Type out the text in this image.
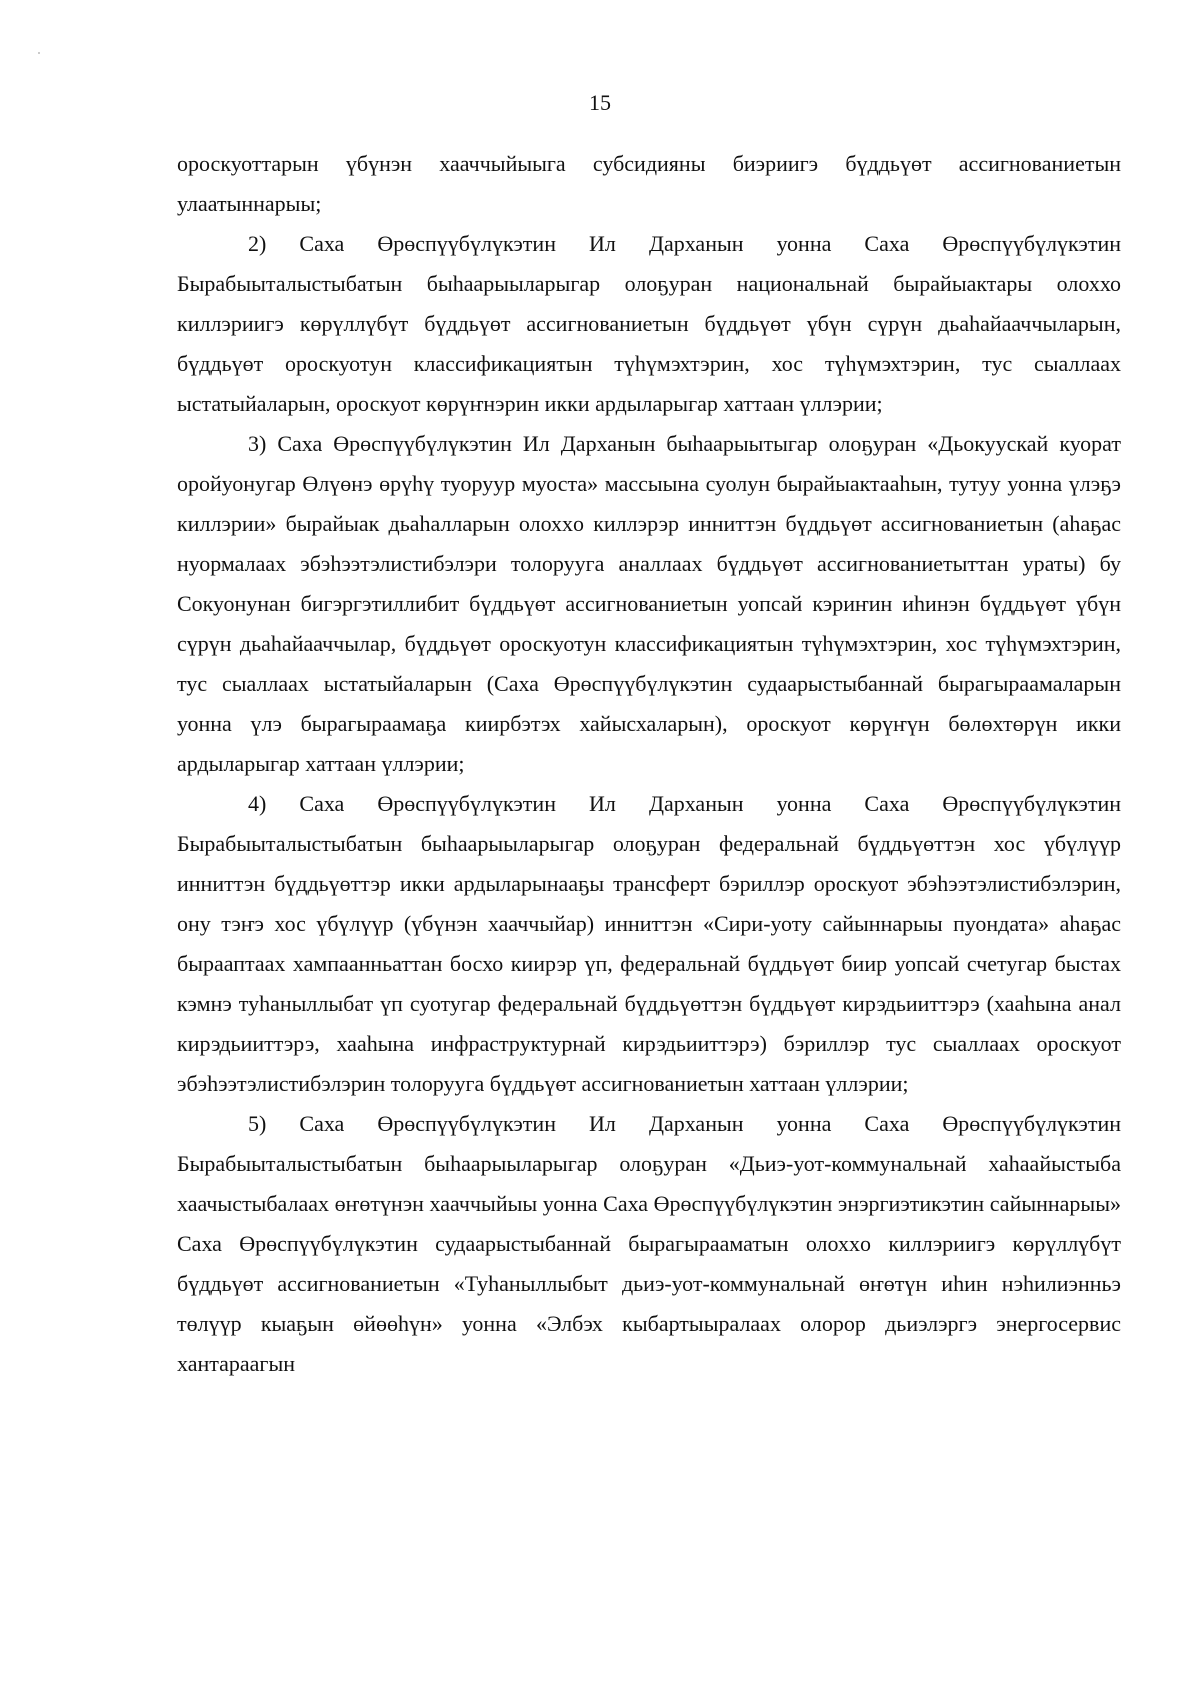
15

ороскуоттарын үбүнэн хааччыйыыга субсидияны биэриигэ бүддьүөт ассигнованиетын улаатыннарыы;

2) Саха Өрөспүүбүлүкэтин Ил Дарханын уонна Саха Өрөспүүбүлүкэтин Бырабыыталыстыбатын быһаарыыларыгар олоҕуран национальнай бырайыактары олоххо киллэриигэ көрүллүбүт бүддьүөт ассигнованиетын бүддьүөт үбүн сүрүн дьаһайааччыларын, бүддьүөт ороскуотун классификациятын түһүмэхтэрин, хос түһүмэхтэрин, тус сыаллаах ыстатыйаларын, ороскуот көрүҥнэрин икки ардыларыгар хаттаан үллэрии;

3) Саха Өрөспүүбүлүкэтин Ил Дарханын быһаарыытыгар олоҕуран «Дьокуускай куорат оройуонугар Өлүөнэ өрүһү туоруур муоста» массыына суолун бырайыактааһын, тутуу уонна үлэҕэ киллэрии» бырайыак дьаһалларын олохxо киллэрэр инниттэн бүддьүөт ассигнованиетын (аһаҕас нуормалаах эбэһээтэлистибэлэри толорууга аналлаах бүддьүөт ассигнованиетыттан ураты) бу Сокуонунан бигэргэтиллибит бүддьүөт ассигнованиетын уопсай кэриҥин иһинэн бүддьүөт үбүн сүрүн дьаһайааччылар, бүддьүөт ороскуотун классификациятын түһүмэхтэрин, хос түһүмэхтэрин, тус сыаллаах ыстатыйаларын (Саха Өрөспүүбүлүкэтин судаарыстыбаннай бырагыраамаларын уонна үлэ бырагыраамаҕа киирбэтэх хайысхаларын), ороскуот көрүҥүн бөлөхтөрүн икки ардыларыгар хаттаан үллэрии;

4) Саха Өрөспүүбүлүкэтин Ил Дарханын уонна Саха Өрөспүүбүлүкэтин Бырабыыталыстыбатын быһаарыыларыгар олоҕуран федеральнай бүддьүөттэн хос үбүлүүр инниттэн бүддьүөттэр икки ардыларынааҕы трансферт бэриллэр ороскуот эбэһээтэлистибэлэрин, ону тэҥэ хос үбүлүүр (үбүнэн хааччыйар) инниттэн «Сири-уоту сайыннарыы пуондата» аһаҕас бырааптаах хампаанньаттан босхо киирэр үп, федеральнай бүддьүөт биир уопсай счетугар быстах кэмнэ туһаныллыбат үп суотугар федеральнай бүддьүөттэн бүддьүөт кирэдьииттэрэ (хааһына анал кирэдьииттэрэ, хааһына инфраструктурнай кирэдьииттэрэ) бэриллэр тус сыаллаах ороскуот эбэһээтэлистибэлэрин толорууга бүддьүөт ассигнованиетын хаттаан үллэрии;

5) Саха Өрөспүүбүлүкэтин Ил Дарханын уонна Саха Өрөспүүбүлүкэтин Бырабыыталыстыбатын быһаарыыларыгар олоҕуран «Дьиэ-уот-коммунальнай хаһаайыстыба хаачыстыбалаах өҥөтүнэн хааччыйыы уонна Саха Өрөспүүбүлүкэтин энэргиэтикэтин сайыннарыы» Саха Өрөспүүбүлүкэтин судаарыстыбаннай бырагырааматын олохxо киллэриигэ көрүллүбүт бүддьүөт ассигнованиетын «Туһаныллыбыт дьиэ-уот-коммунальнай өҥөтүн иһин нэһилиэнньэ төлүүр кыаҕын өйөөһүн» уонна «Элбэх кыбартыыралаах олорор дьиэлэргэ энергосервис хантараагын
